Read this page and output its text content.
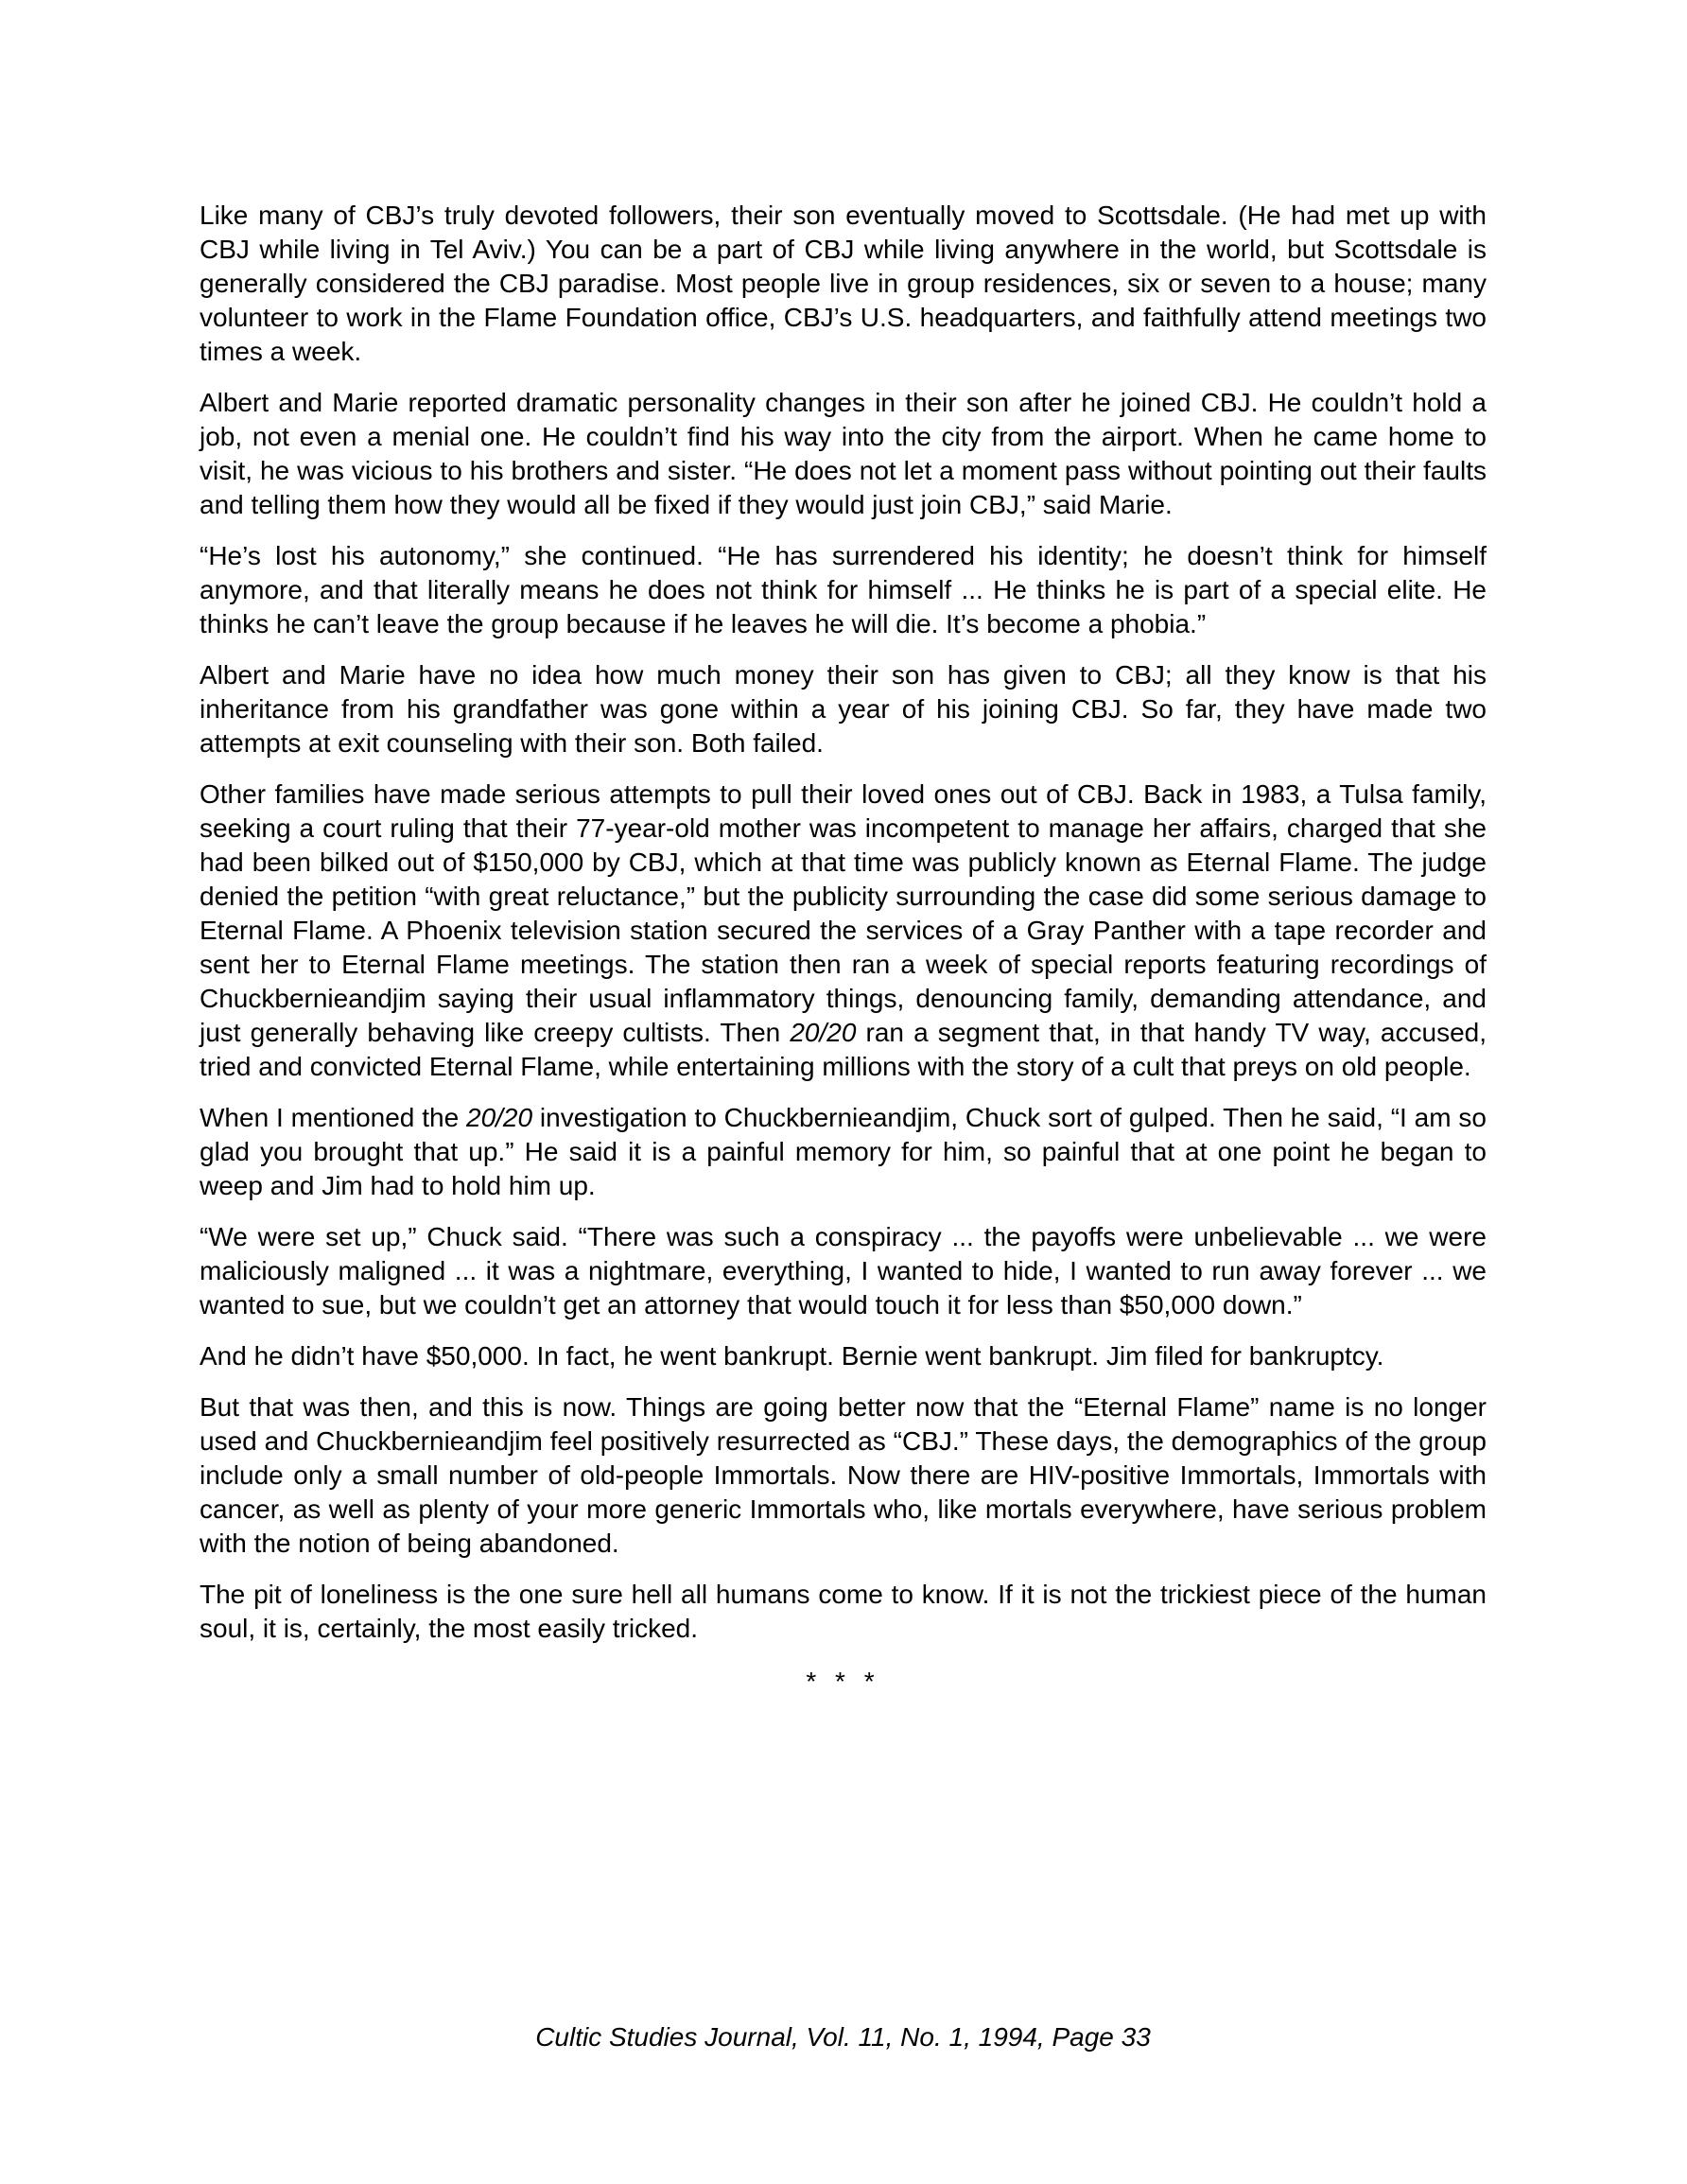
Like many of CBJ’s truly devoted followers, their son eventually moved to Scottsdale. (He had met up with CBJ while living in Tel Aviv.) You can be a part of CBJ while living anywhere in the world, but Scottsdale is generally considered the CBJ paradise. Most people live in group residences, six or seven to a house; many volunteer to work in the Flame Foundation office, CBJ’s U.S. headquarters, and faithfully attend meetings two times a week.

Albert and Marie reported dramatic personality changes in their son after he joined CBJ. He couldn’t hold a job, not even a menial one. He couldn’t find his way into the city from the airport. When he came home to visit, he was vicious to his brothers and sister. “He does not let a moment pass without pointing out their faults and telling them how they would all be fixed if they would just join CBJ,” said Marie.

“He’s lost his autonomy,” she continued. “He has surrendered his identity; he doesn’t think for himself anymore, and that literally means he does not think for himself ... He thinks he is part of a special elite. He thinks he can’t leave the group because if he leaves he will die. It’s become a phobia.”

Albert and Marie have no idea how much money their son has given to CBJ; all they know is that his inheritance from his grandfather was gone within a year of his joining CBJ. So far, they have made two attempts at exit counseling with their son. Both failed.

Other families have made serious attempts to pull their loved ones out of CBJ. Back in 1983, a Tulsa family, seeking a court ruling that their 77-year-old mother was incompetent to manage her affairs, charged that she had been bilked out of $150,000 by CBJ, which at that time was publicly known as Eternal Flame. The judge denied the petition “with great reluctance,” but the publicity surrounding the case did some serious damage to Eternal Flame. A Phoenix television station secured the services of a Gray Panther with a tape recorder and sent her to Eternal Flame meetings. The station then ran a week of special reports featuring recordings of Chuckbernieandjim saying their usual inflammatory things, denouncing family, demanding attendance, and just generally behaving like creepy cultists. Then 20/20 ran a segment that, in that handy TV way, accused, tried and convicted Eternal Flame, while entertaining millions with the story of a cult that preys on old people.

When I mentioned the 20/20 investigation to Chuckbernieandjim, Chuck sort of gulped. Then he said, “I am so glad you brought that up.” He said it is a painful memory for him, so painful that at one point he began to weep and Jim had to hold him up.

“We were set up,” Chuck said. “There was such a conspiracy ... the payoffs were unbelievable ... we were maliciously maligned ... it was a nightmare, everything, I wanted to hide, I wanted to run away forever ... we wanted to sue, but we couldn’t get an attorney that would touch it for less than $50,000 down.”

And he didn’t have $50,000. In fact, he went bankrupt. Bernie went bankrupt. Jim filed for bankruptcy.

But that was then, and this is now. Things are going better now that the “Eternal Flame” name is no longer used and Chuckbernieandjim feel positively resurrected as “CBJ.” These days, the demographics of the group include only a small number of old-people Immortals. Now there are HIV-positive Immortals, Immortals with cancer, as well as plenty of your more generic Immortals who, like mortals everywhere, have serious problem with the notion of being abandoned.

The pit of loneliness is the one sure hell all humans come to know. If it is not the trickiest piece of the human soul, it is, certainly, the most easily tricked.

* * *
Cultic Studies Journal, Vol. 11, No. 1, 1994, Page 33
